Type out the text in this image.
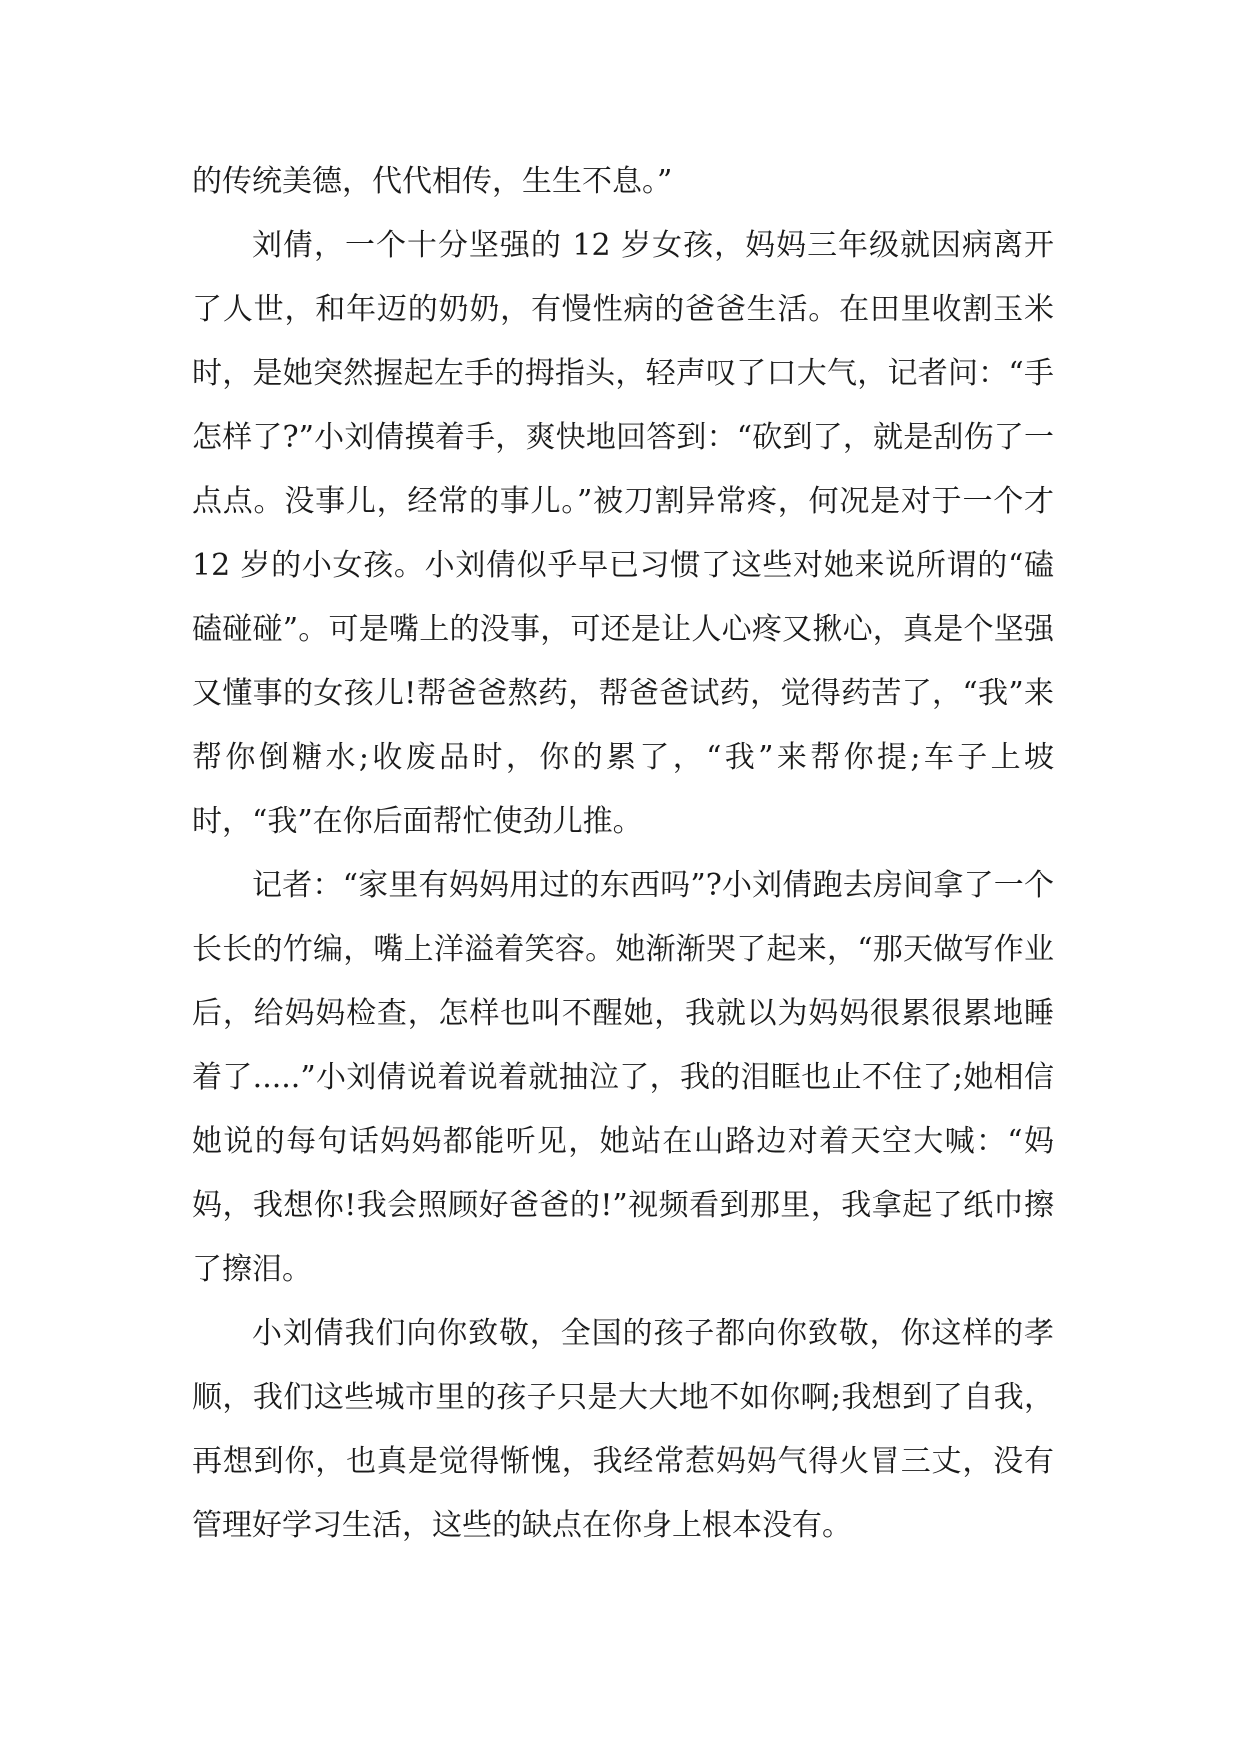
的传统美德，代代相传，生生不息。”

刘倩，一个十分坚强的 12 岁女孩，妈妈三年级就因病离开了人世，和年迈的奶奶，有慢性病的爸爸生活。在田里收割玉米时，是她突然握起左手的拇指头，轻声叹了口大气，记者问：“手怎样了?”小刘倩摸着手，爽快地回答到：“砍到了，就是刮伤了一点点。没事儿，经常的事儿。”被刀割异常疼，何况是对于一个才 12 岁的小女孩。小刘倩似乎早已习惯了这些对她来说所谓的“磕磕碰碰”。可是嘴上的没事，可还是让人心疼又揪心，真是个坚强又懂事的女孩儿!帮爸爸熬药，帮爸爸试药，觉得药苦了，“我”来帮你倒糖水;收废品时，你的累了，“我”来帮你提;车子上坡时，“我”在你后面帮忙使劲儿推。

记者：“家里有妈妈用过的东西吗”?小刘倩跑去房间拿了一个长长的竹编，嘴上洋溢着笑容。她渐渐哭了起来，“那天做写作业后，给妈妈检查，怎样也叫不醒她，我就以为妈妈很累很累地睡着了.....”小刘倩说着说着就抽泣了，我的泪眶也止不住了;她相信她说的每句话妈妈都能听见，她站在山路边对着天空大喊：“妈妈，我想你!我会照顾好爸爸的!”视频看到那里，我拿起了纸巾擦了擦泪。

小刘倩我们向你致敬，全国的孩子都向你致敬，你这样的孝顺，我们这些城市里的孩子只是大大地不如你啊;我想到了自我，再想到你，也真是觉得惭愧，我经常惹妈妈气得火冒三丈，没有管理好学习生活，这些的缺点在你身上根本没有。
